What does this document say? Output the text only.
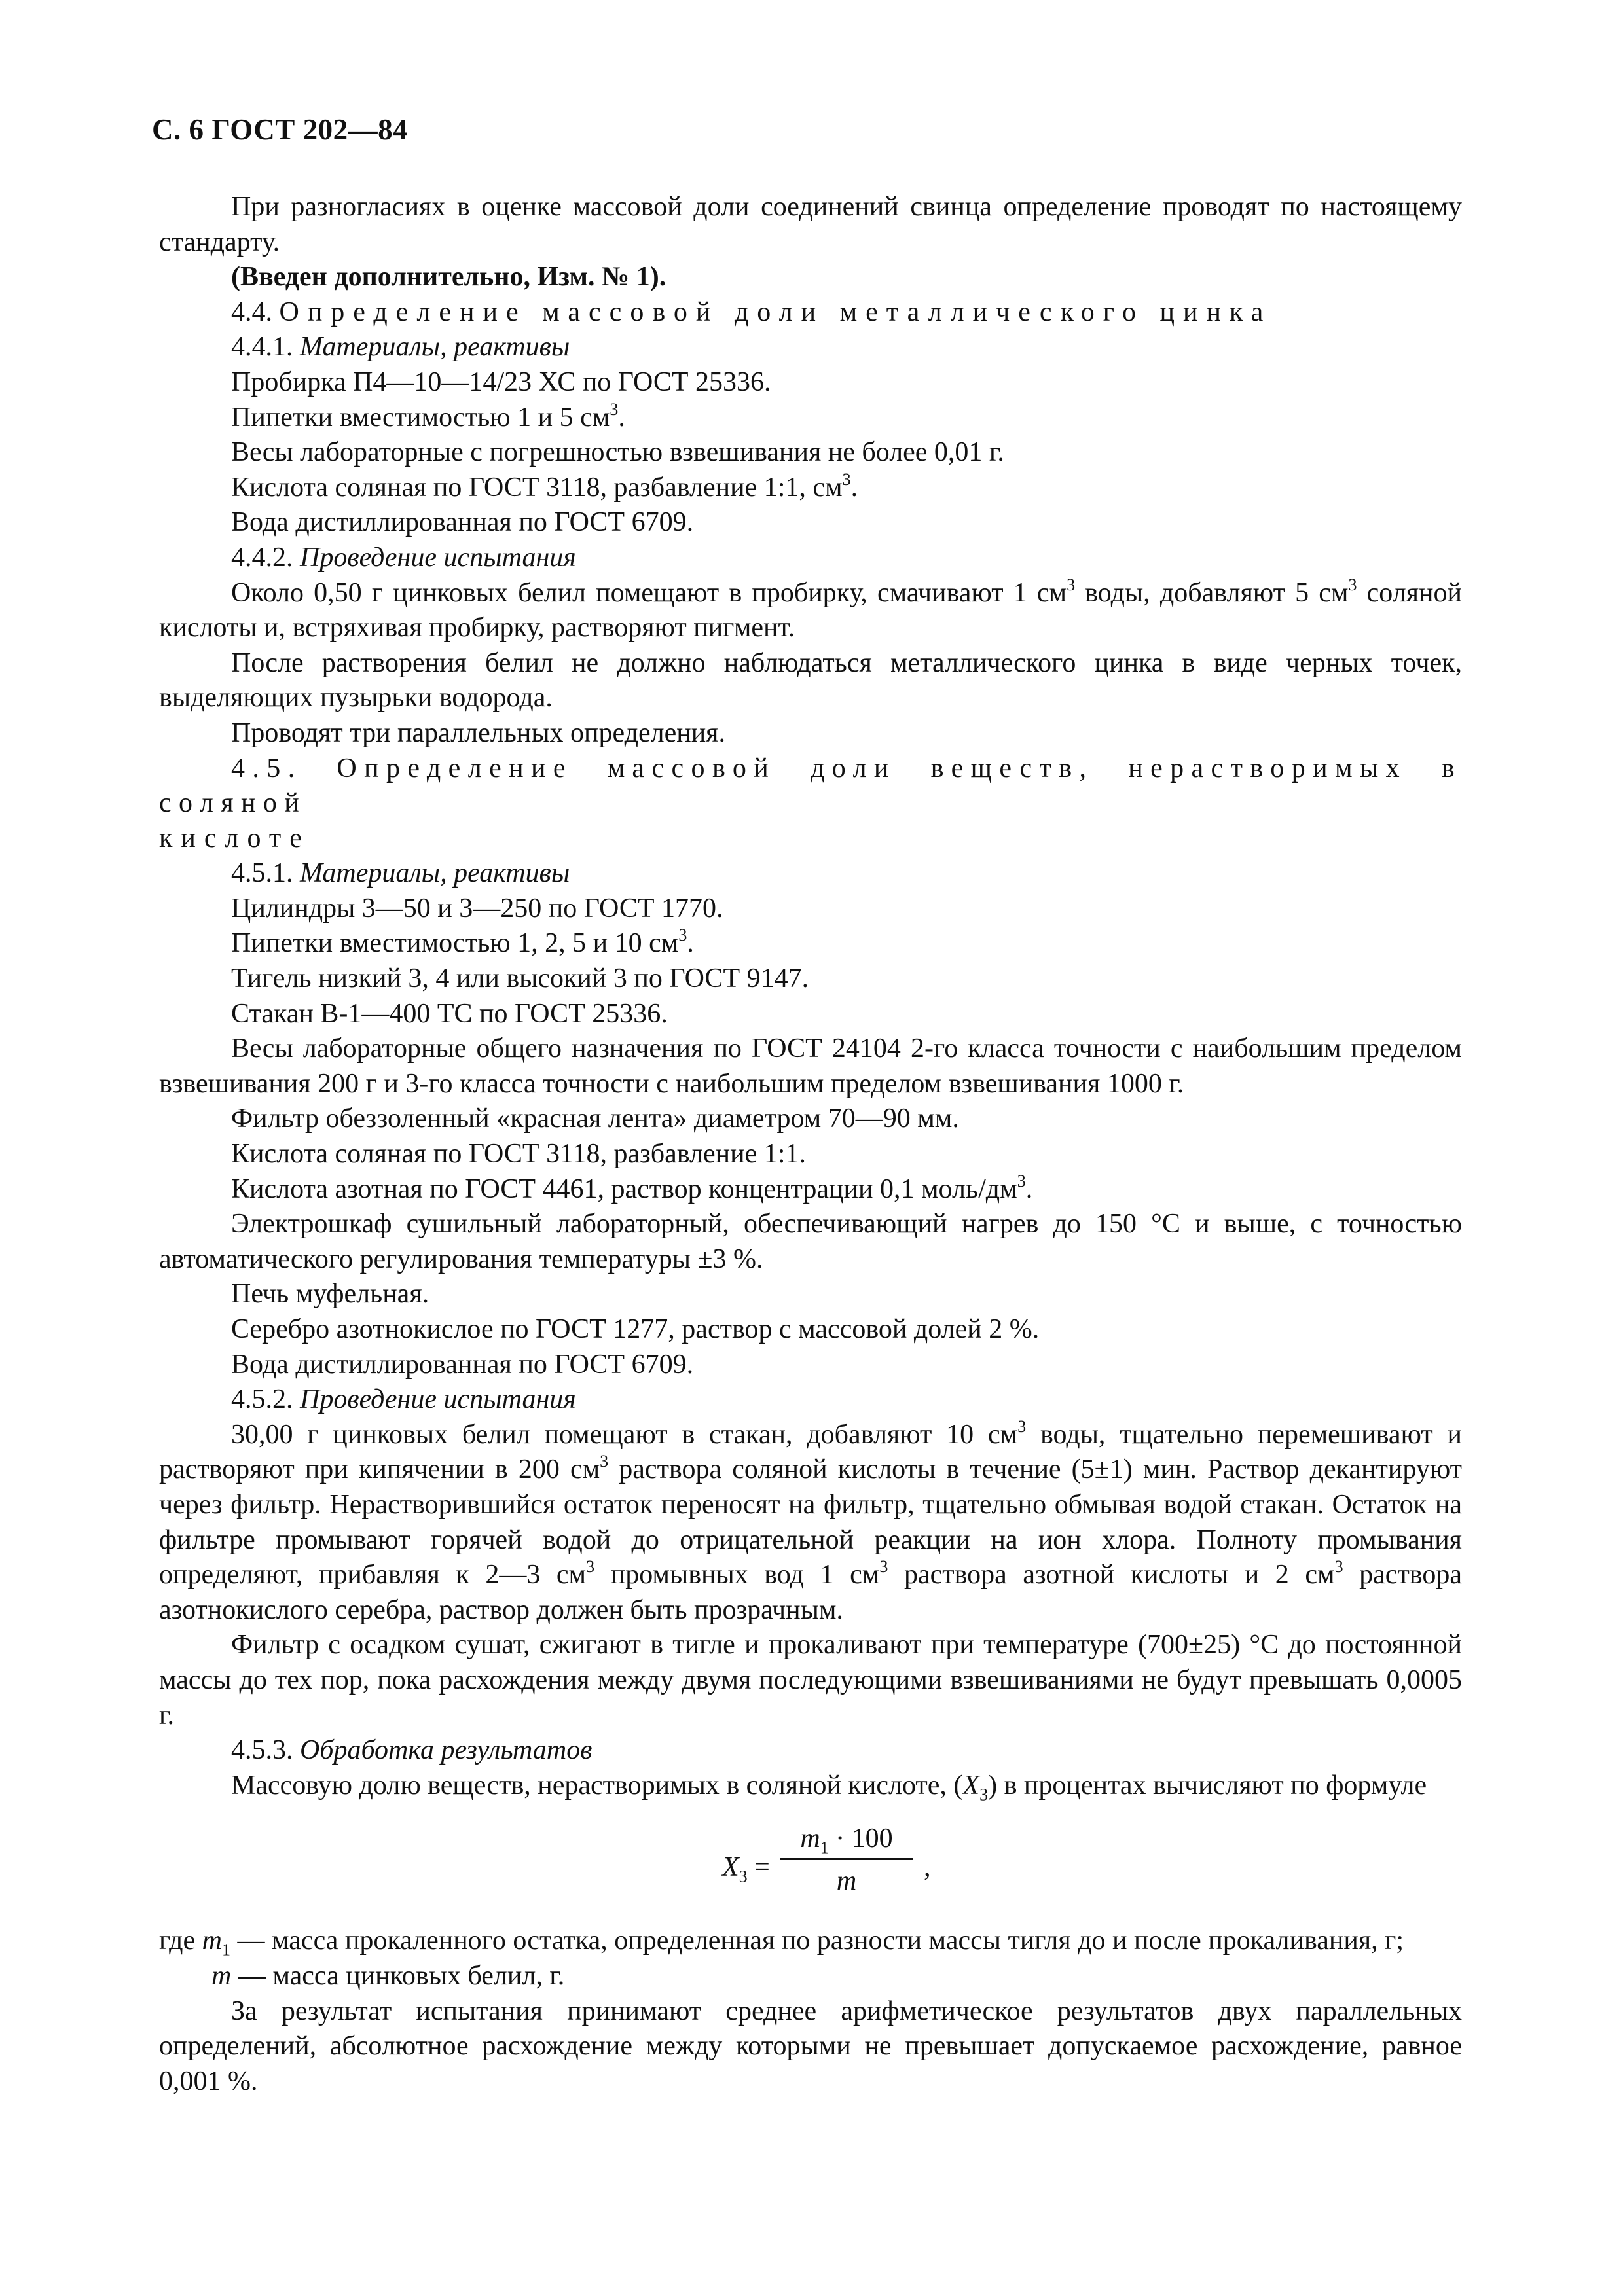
С. 6 ГОСТ 202—84

При разногласиях в оценке массовой доли соединений свинца определение проводят по настоящему стандарту.

(Введен дополнительно, Изм. № 1).

4.4. Определение массовой доли металлического цинка

4.4.1. Материалы, реактивы

Пробирка П4—10—14/23 ХС по ГОСТ 25336.

Пипетки вместимостью 1 и 5 $см^3$.

Весы лабораторные с погрешностью взвешивания не более 0,01 г.

Кислота соляная по ГОСТ 3118, разбавление 1:1, $см^3$.

Вода дистиллированная по ГОСТ 6709.

4.4.2. Проведение испытания

Около 0,50 г цинковых белил помещают в пробирку, смачивают 1 $см^3$ воды, добавляют 5 $см^3$ соляной кислоты и, встряхивая пробирку, растворяют пигмент.

После растворения белил не должно наблюдаться металлического цинка в виде черных точек, выделяющих пузырьки водорода.

Проводят три параллельных определения.

4.5. Определение массовой доли веществ, нерастворимых в соляной

кислоте

4.5.1. Материалы, реактивы

Цилиндры 3—50 и 3—250 по ГОСТ 1770.

Пипетки вместимостью 1, 2, 5 и 10 $см^3$.

Тигель низкий 3, 4 или высокий 3 по ГОСТ 9147.

Стакан В-1—400 ТС по ГОСТ 25336.

Весы лабораторные общего назначения по ГОСТ 24104 2-го класса точности с наибольшим пределом взвешивания 200 г и 3-го класса точности с наибольшим пределом взвешивания 1000 г.

Фильтр обеззоленный «красная лента» диаметром 70—90 мм.

Кислота соляная по ГОСТ 3118, разбавление 1:1.

Кислота азотная по ГОСТ 4461, раствор концентрации 0,1 моль/$дм^3$.

Электрошкаф сушильный лабораторный, обеспечивающий нагрев до 150 °С и выше, с точностью автоматического регулирования температуры ±3 %.

Печь муфельная.

Серебро азотнокислое по ГОСТ 1277, раствор с массовой долей 2 %.

Вода дистиллированная по ГОСТ 6709.

4.5.2. Проведение испытания

30,00 г цинковых белил помещают в стакан, добавляют 10 $см^3$ воды, тщательно перемешивают и растворяют при кипячении в 200 $см^3$ раствора соляной кислоты в течение (5±1) мин. Раствор декантируют через фильтр. Нерастворившийся остаток переносят на фильтр, тщательно обмывая водой стакан. Остаток на фильтре промывают горячей водой до отрицательной реакции на ион хлора. Полноту промывания определяют, прибавляя к 2—3 $см^3$ промывных вод 1 $см^3$ раствора азотной кислоты и 2 $см^3$ раствора азотнокислого серебра, раствор должен быть прозрачным.

Фильтр с осадком сушат, сжигают в тигле и прокаливают при температуре (700±25) °С до постоянной массы до тех пор, пока расхождения между двумя последующими взвешиваниями не будут превышать 0,0005 г.

4.5.3. Обработка результатов

Массовую долю веществ, нерастворимых в соляной кислоте, $(X_3)$ в процентах вычисляют по формуле

$X_3$ =
$m_1 \cdot 100$
m	,

где $m_1$ — масса прокаленного остатка, определенная по разности массы тигля до и после прокаливания, г;

m — масса цинковых белил, г.

За результат испытания принимают среднее арифметическое результатов двух параллельных определений, абсолютное расхождение между которыми не превышает допускаемое расхождение, равное 0,001 %.
